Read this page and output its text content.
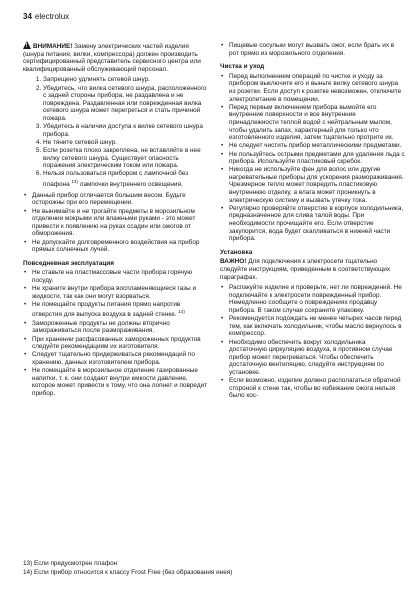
34 electrolux

!ВНИМАНИЕ! Замену электрических частей изделия (шнура питания, вилки, компрессора) должен производить сертифицированный представитель сервисного центра или квалифицированный обслуживающий персонал.

1. Запрещено удлинять сетевой шнур.
2. Убедитесь, что вилка сетевого шнура, расположенного с задней стороны прибора, не раздавлена и не повреждена. Раздавленная или поврежденная вилка сетевого шнура может перегреться и стать причиной пожара.
3. Убедитесь в наличии доступа к вилке сетевого шнура прибора.
4. Не тяните сетевой шнур.
5. Если розетка плохо закреплена, не вставляйте в нее вилку сетевого шнура. Существует опасность поражения электрическим током или пожара.
6. Нельзя пользоваться прибором с лампочной без плафона $^{13)}$ лампочки внутреннего освещения.
• Данный прибор отличается большим весом. Будьте осторожны при его перемещении.
• Не вынимайте и не трогайте предметы в морозильном отделении мокрыми или влажными руками - это может привести к появлению на руках ссадин или ожогов от обморожения.
• Не допускайте долговременного воздействия на прибор прямых солнечных лучей.
Повседневная эксплуатация
• Не ставьте на пластмассовые части прибора горячую посуду.
• Не храните внутри прибора воспламеняющиеся газы и жидкости, так как они могут взорваться.
• Не помещайте продукты питания прямо напротив отверстия для выпуска воздуха в задней стенке. $^{14)}$
• Замороженные продукты не должны вторично замораживаться после размораживания.
• При хранении расфасованных замороженных продуктов следуйте рекомендациям их изготовителя.
• Следует тщательно придерживаться рекомендаций по хранению, данных изготовителем прибора.
• Не помещайте в морозильное отделение газированные напитки, т. к. они создают внутри емкости давление, которое может привести к тому, что она лопнет и повредит прибор.
• Пищевые сосульки могут вызвать ожог, если брать их в рот прямо из морозильного отделения.
Чистка и уход
• Перед выполнением операций по чистке и уходу за прибором выключите его и выньте вилку сетевого шнура из розетки. Если доступ к розетке невозможен, отключите электропитание в помещении.
• Перед первым включением прибора вымойте его внутренние поверхности и все внутренние принадлежности теплой водой с нейтральным мылом, чтобы удалить запах, характерный для только что изготовленного изделия, затем тщательно протрите их.
• Не следует чистить прибор металлическими предметами.
• Не пользуйтесь острыми предметами для удаления льда с прибора. Используйте пластиковый скребок.
• Никогда не используйте фен для волос или другие нагревательные приборы для ускорения размораживания. Чрезмерное тепло может повредить пластиковую внутреннюю отделку, а влага может проникнуть в электрическую систему и вызвать утечку тока.
• Регулярно проверяйте отверстие в корпусе холодильника, предназначенное для слива талой воды. При необходимости прочищайте его. Если отверстие закупорится, вода будет скапливаться в нижней части прибора.
Установка

ВАЖНО! Для подключения к электросети тщательно следуйте инструкциям, приведенным в соответствующих параграфах.

• Распакуйте изделие и проверьте, нет ли повреждений. Не подключайте к электросети поврежденный прибор. Немедленно сообщите о повреждениях продавцу прибора. В таком случае сохраните упаковку.
• Рекомендуется подождать не менее четырех часов перед тем, как включать холодильник, чтобы масло вернулось в компрессор.
• Необходимо обеспечить вокруг холодильника достаточную циркуляцию воздуха, в противном случае прибор может перегреваться. Чтобы обеспечить достаточную вентиляцию, следуйте инструкциям по установке.
• Если возможно, изделие должно располагаться обратной стороной к стене так, чтобы во избежание ожога нельзя было кос-
13) Если предусмотрен плафон
14) Если прибор относится к классу Frost Free (без образования инея)
